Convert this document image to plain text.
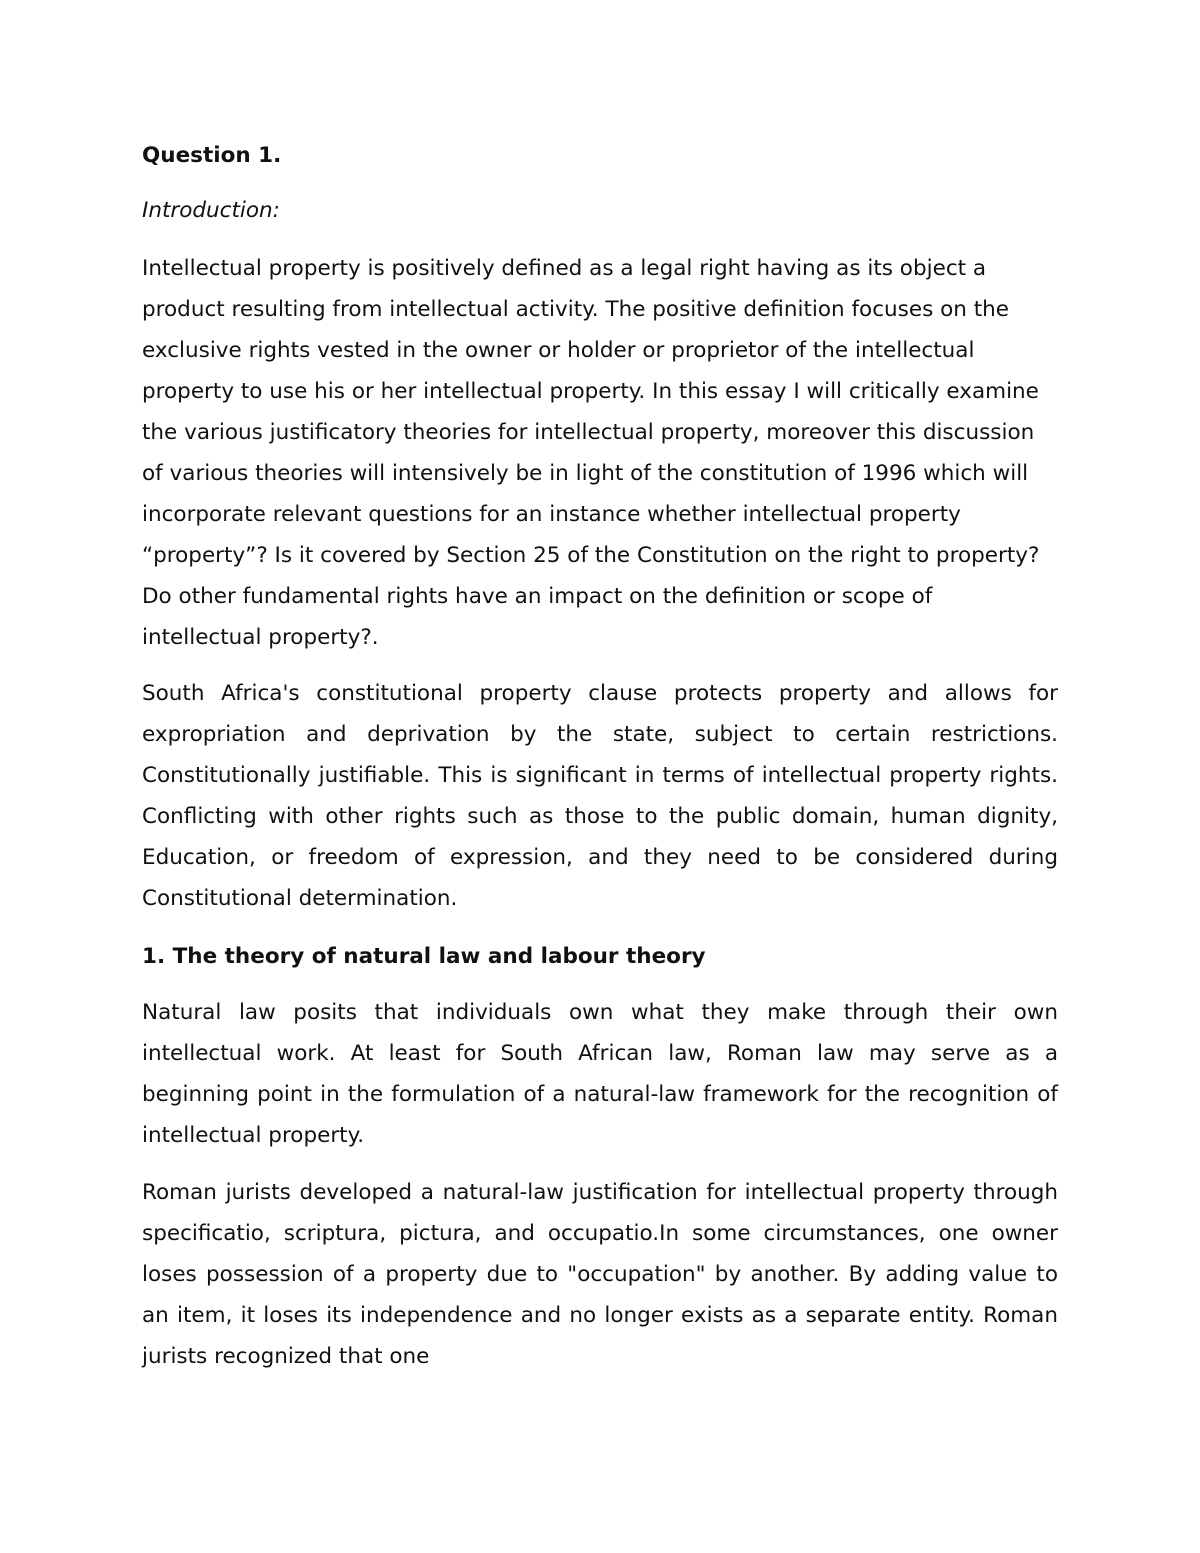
Question 1.
Introduction:

Intellectual property is positively defined as a legal right having as its object a product resulting from intellectual activity. The positive definition focuses on the exclusive rights vested in the owner or holder or proprietor of the intellectual property to use his or her intellectual property. In this essay I will critically examine the various justificatory theories for intellectual property, moreover this discussion of various theories will intensively be in light of the constitution of 1996 which will incorporate relevant questions for an instance whether intellectual property “property”? Is it covered by Section 25 of the Constitution on the right to property? Do other fundamental rights have an impact on the definition or scope of intellectual property?.

South Africa's constitutional property clause protects property and allows for expropriation and deprivation by the state, subject to certain restrictions. Constitutionally justifiable. This is significant in terms of intellectual property rights. Conflicting with other rights such as those to the public domain, human dignity, Education, or freedom of expression, and they need to be considered during Constitutional determination.

1. The theory of natural law and labour theory

Natural law posits that individuals own what they make through their own intellectual work. At least for South African law, Roman law may serve as a beginning point in the formulation of a natural-law framework for the recognition of intellectual property.

Roman jurists developed a natural-law justification for intellectual property through specificatio, scriptura, pictura, and occupatio.In some circumstances, one owner loses possession of a property due to "occupation" by another. By adding value to an item, it loses its independence and no longer exists as a separate entity. Roman jurists recognized that one
